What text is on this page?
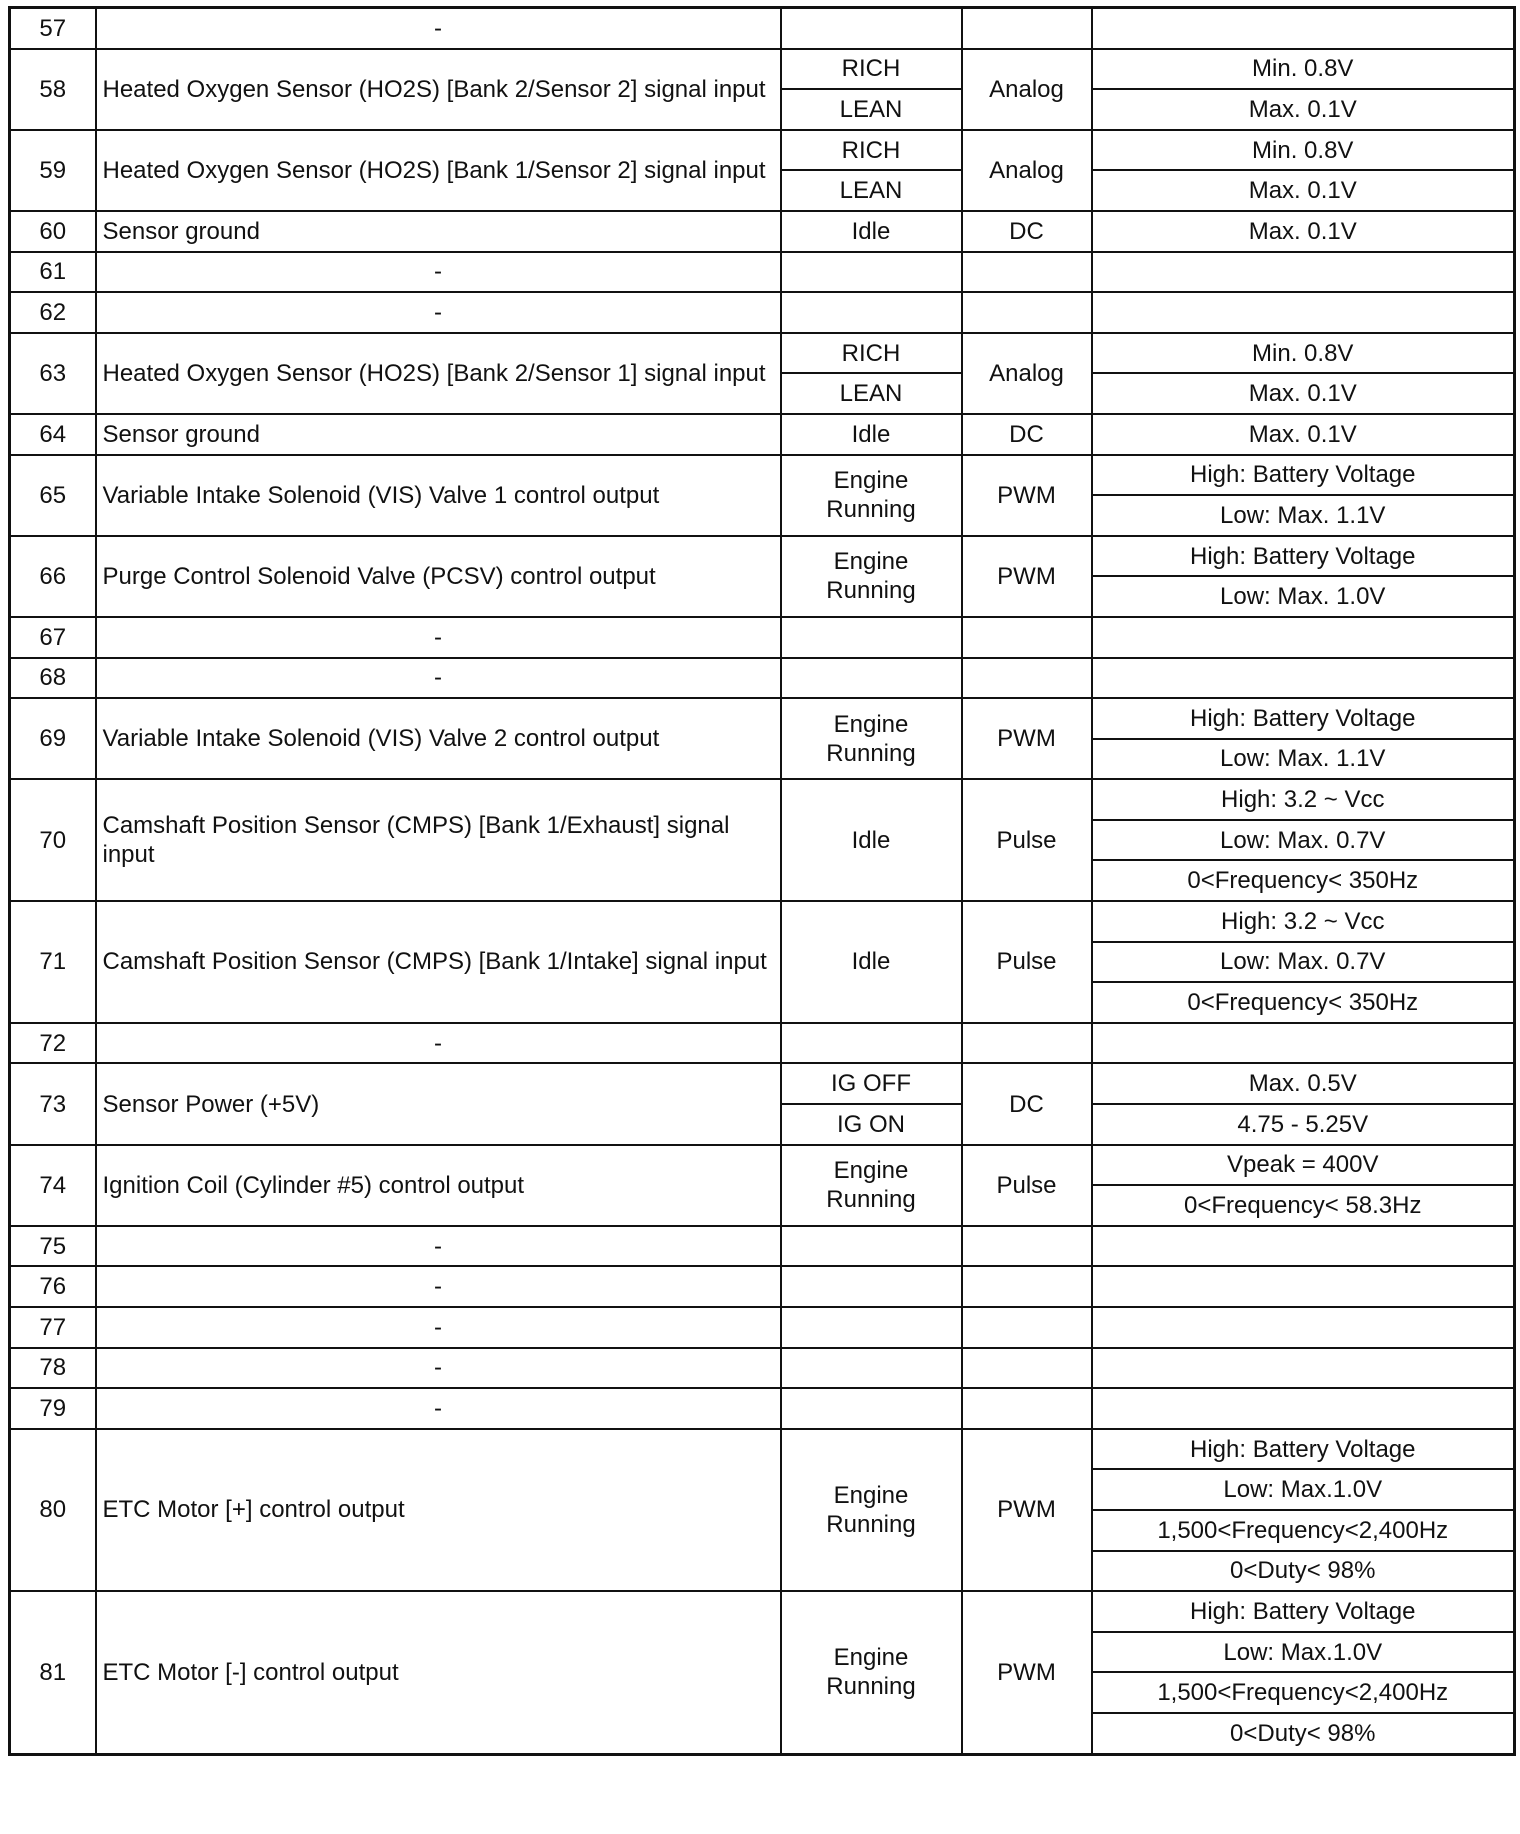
57	-			
58	Heated Oxygen Sensor (HO2S) [Bank 2/Sensor 2] signal input	RICH	Analog	Min. 0.8V
		LEAN		Max. 0.1V
59	Heated Oxygen Sensor (HO2S) [Bank 1/Sensor 2] signal input	RICH	Analog	Min. 0.8V
		LEAN		Max. 0.1V
60	Sensor ground	Idle	DC	Max. 0.1V
61	-			
62	-			
63	Heated Oxygen Sensor (HO2S) [Bank 2/Sensor 1] signal input	RICH	Analog	Min. 0.8V
		LEAN		Max. 0.1V
64	Sensor ground	Idle	DC	Max. 0.1V
65	Variable Intake Solenoid (VIS) Valve 1 control output	Engine Running	PWM	High: Battery Voltage
				Low: Max. 1.1V
66	Purge Control Solenoid Valve (PCSV) control output	Engine Running	PWM	High: Battery Voltage
				Low: Max. 1.0V
67	-			
68	-			
69	Variable Intake Solenoid (VIS) Valve 2 control output	Engine Running	PWM	High: Battery Voltage
				Low: Max. 1.1V
70	Camshaft Position Sensor (CMPS) [Bank 1/Exhaust] signal input	Idle	Pulse	High: 3.2 ~ Vcc
				Low: Max. 0.7V
				0<Frequency< 350Hz
71	Camshaft Position Sensor (CMPS) [Bank 1/Intake] signal input	Idle	Pulse	High: 3.2 ~ Vcc
				Low: Max. 0.7V
				0<Frequency< 350Hz
72	-			
73	Sensor Power (+5V)	IG OFF	DC	Max. 0.5V
		IG ON		4.75 - 5.25V
74	Ignition Coil (Cylinder #5) control output	Engine Running	Pulse	Vpeak = 400V
				0<Frequency< 58.3Hz
75	-			
76	-			
77	-			
78	-			
79	-			
80	ETC Motor [+] control output	Engine Running	PWM	High: Battery Voltage
				Low: Max.1.0V
				1,500<Frequency<2,400Hz
				0<Duty< 98%
81	ETC Motor [-] control output	Engine Running	PWM	High: Battery Voltage
				Low: Max.1.0V
				1,500<Frequency<2,400Hz
				0<Duty< 98%
